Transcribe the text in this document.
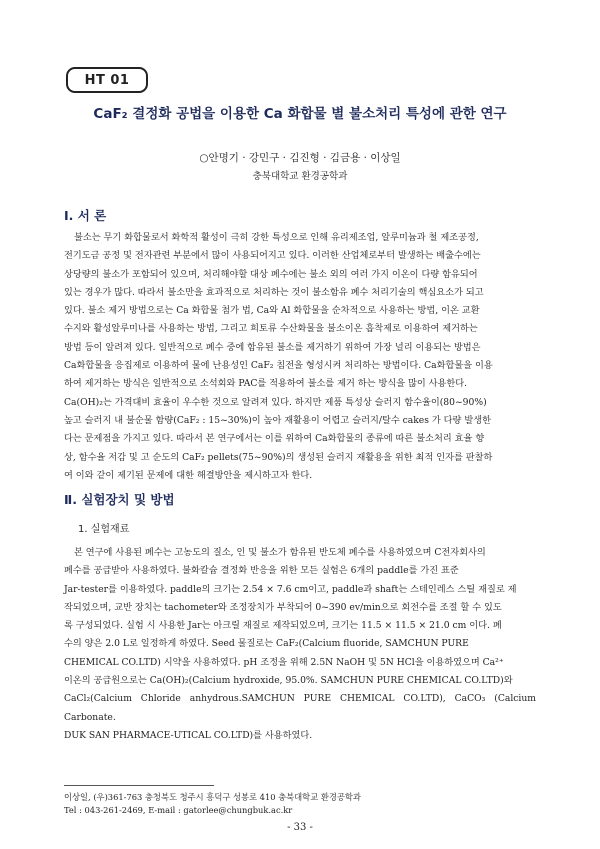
HT 01
CaF₂ 결정화 공법을 이용한 Ca 화합물 별 불소처리 특성에 관한 연구
○안명기 · 강민구 · 김진형 · 김금용 · 이상일
충북대학교 환경공학과
Ⅰ. 서 론
불소는 무기 화합물로서 화학적 활성이 극히 강한 특성으로 인해 유리제조업, 알루미늄과 철 제조공정,
전기도금 공정 및 전자관련 부분에서 많이 사용되어지고 있다. 이러한 산업체로부터 발생하는 배출수에는
상당량의 불소가 포함되어 있으며, 처리해야할 대상 폐수에는 불소 외의 여러 가지 이온이 다량 함유되어
있는 경우가 많다. 따라서 불소만을 효과적으로 처리하는 것이 불소함유 폐수 처리기술의 핵심요소가 되고
있다. 불소 제거 방법으로는 Ca 화합물 첨가 법, Ca와 Al 화합물을 순차적으로 사용하는 방법, 이온 교환
수지와 활성알루미나를 사용하는 방법, 그리고 희토류 수산화물을 불소이온 흡착제로 이용하여 제거하는
방법 등이 알려져 있다. 일반적으로 폐수 중에 함유된 불소를 제거하기 위하여 가장 널리 이용되는 방법은
Ca화합물을 응집제로 이용하여 물에 난용성인 CaF₂ 침전을 형성시켜 처리하는 방법이다. Ca화합물을 이용
하여 제거하는 방식은 일반적으로 소석회와 PAC를 적용하여 불소를 제거 하는 방식을 많이 사용한다.
Ca(OH)₂는 가격대비 효율이 우수한 것으로 알려져 있다. 하지만 제품 특성상 슬러지 함수율이(80~90%)
높고 슬러지 내 불순물 함량(CaF₂ : 15~30%)이 높아 재활용이 어렵고 슬러지/탈수 cakes 가 다량 발생한
다는 문제점을 가지고 있다. 따라서 본 연구에서는 이를 위하여 Ca화합물의 종류에 따른 불소처리 효율 향
상, 함수율 저감 및 고 순도의 CaF₂ pellets(75~90%)의 생성된 슬러지 재활용을 위한 최적 인자를 판찰하
여 이와 같이 제기된 문제에 대한 해결방안을 제시하고자 한다.
Ⅱ. 실험장치 및 방법
1. 실험재료
본 연구에 사용된 폐수는 고농도의 질소, 인 및 불소가 함유된 반도체 폐수를 사용하였으며 C전자회사의
폐수를 공급받아 사용하였다. 불화칼슘 결정화 반응을 위한 모든 실험은 6개의 paddle를 가진 표준
Jar-tester를 이용하였다. paddle의 크기는 2.54 × 7.6 cm이고, paddle과 shaft는 스테인레스 스틸 재질로 제
작되었으며, 교반 장치는 tachometer와 조정장치가 부착되어 0~390 ev/min으로 회전수를 조절 할 수 있도
록 구성되었다. 실험 시 사용한 Jar는 아크릴 재질로 제작되었으며, 크기는 11.5 × 11.5 × 21.0 cm 이다. 폐
수의 양은 2.0 L로 일정하게 하였다. Seed 물질로는 CaF₂(Calcium fluoride, SAMCHUN PURE
CHEMICAL CO.LTD) 시약을 사용하였다. pH 조정을 위해 2.5N NaOH 및 5N HCl을 이용하였으며 Ca²⁺
이온의 공급원으로는 Ca(OH)₂(Calcium hydroxide, 95.0%. SAMCHUN PURE CHEMICAL CO.LTD)와
CaCl₂(Calcium Chloride anhydrous.SAMCHUN PURE CHEMICAL CO.LTD), CaCO₃ (Calcium Carbonate.
DUK SAN PHARMACE-UTICAL CO.LTD)를 사용하였다.
이상일, (우)361-763 충청북도 청주시 흥덕구 성봉로 410 충북대학교 환경공학과
Tel : 043-261-2469, E-mail : gatorlee@chungbuk.ac.kr
- 33 -
